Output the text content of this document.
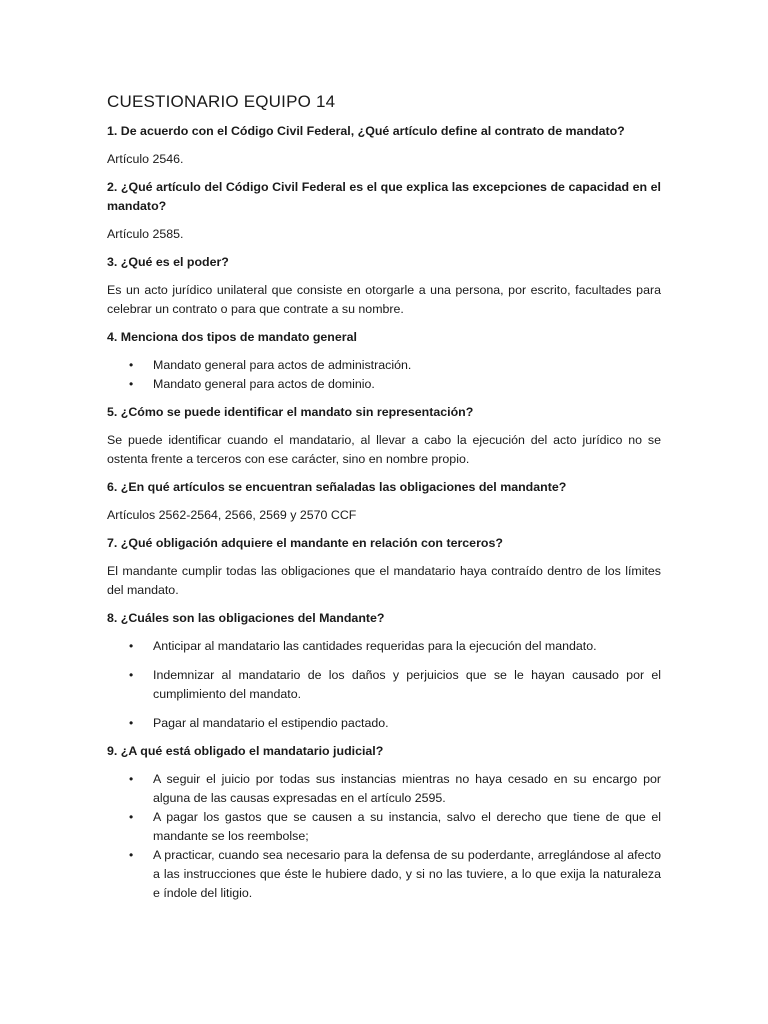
CUESTIONARIO EQUIPO 14

1. De acuerdo con el Código Civil Federal, ¿Qué artículo define al contrato de mandato?

Artículo 2546.

2. ¿Qué artículo del Código Civil Federal es el que explica las excepciones de capacidad en el mandato?

Artículo 2585.

3. ¿Qué es el poder?

Es un acto jurídico unilateral que consiste en otorgarle a una persona, por escrito, facultades para celebrar un contrato o para que contrate a su nombre.

4. Menciona dos tipos de mandato general

• Mandato general para actos de administración.
• Mandato general para actos de dominio.

5. ¿Cómo se puede identificar el mandato sin representación?

Se puede identificar cuando el mandatario, al llevar a cabo la ejecución del acto jurídico no se ostenta frente a terceros con ese carácter, sino en nombre propio.

6. ¿En qué artículos se encuentran señaladas las obligaciones del mandante?

Artículos 2562-2564, 2566, 2569 y 2570 CCF

7. ¿Qué obligación adquiere el mandante en relación con terceros?

El mandante cumplir todas las obligaciones que el mandatario haya contraído dentro de los límites del mandato.

8. ¿Cuáles son las obligaciones del Mandante?

• Anticipar al mandatario las cantidades requeridas para la ejecución del mandato.
• Indemnizar al mandatario de los daños y perjuicios que se le hayan causado por el cumplimiento del mandato.
• Pagar al mandatario el estipendio pactado.

9. ¿A qué está obligado el mandatario judicial?

• A seguir el juicio por todas sus instancias mientras no haya cesado en su encargo por alguna de las causas expresadas en el artículo 2595.
• A pagar los gastos que se causen a su instancia, salvo el derecho que tiene de que el mandante se los reembolse;
• A practicar, cuando sea necesario para la defensa de su poderdante, arreglándose al afecto a las instrucciones que éste le hubiere dado, y si no las tuviere, a lo que exija la naturaleza e índole del litigio.
